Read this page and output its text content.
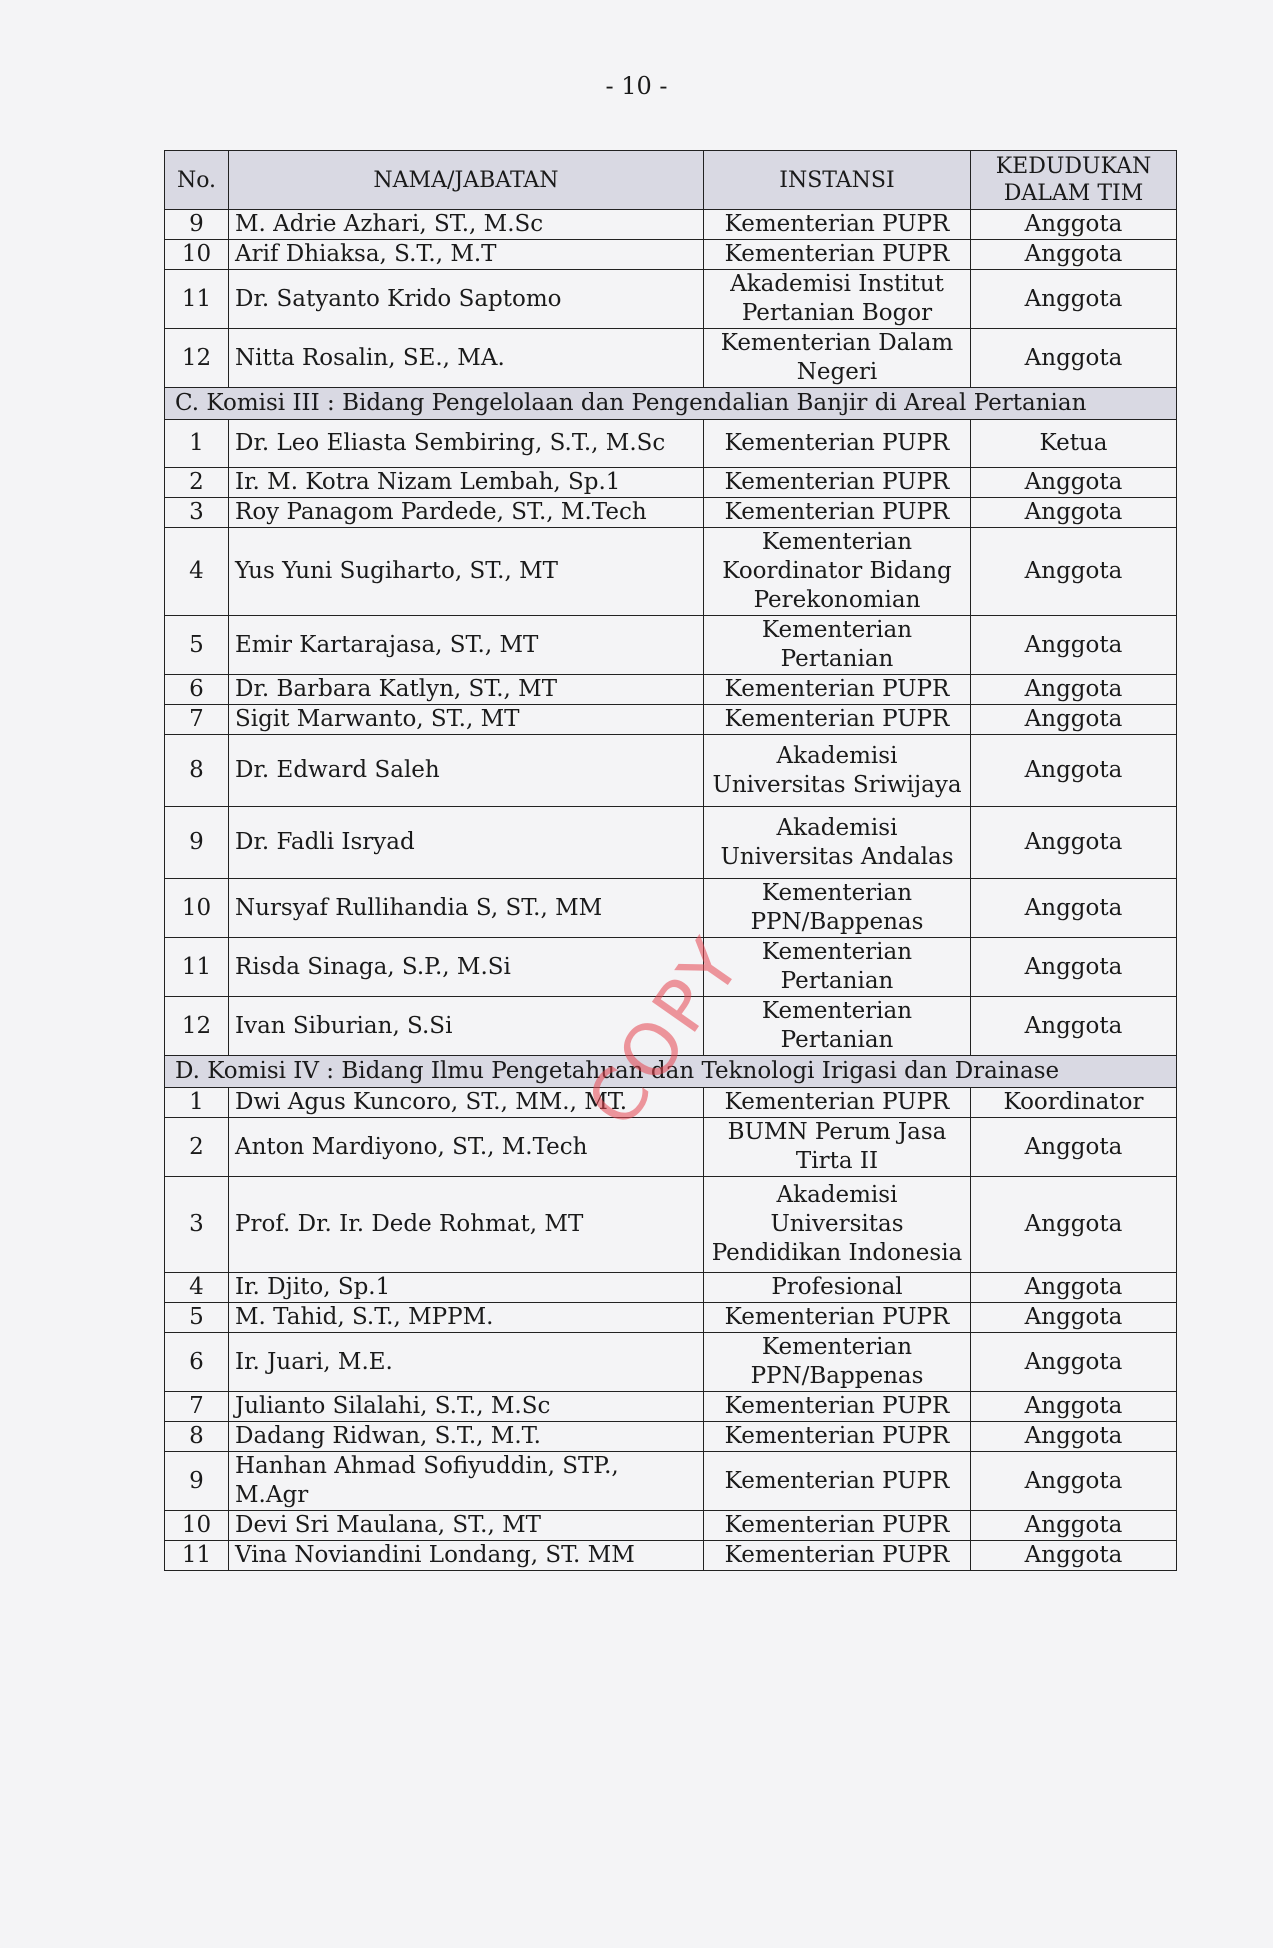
- 10 -
No.	NAMA/JABATAN	INSTANSI	KEDUDUKAN DALAM TIM
9	M. Adrie Azhari, ST., M.Sc	Kementerian PUPR	Anggota
10	Arif Dhiaksa, S.T., M.T	Kementerian PUPR	Anggota
11	Dr. Satyanto Krido Saptomo	Akademisi Institut Pertanian Bogor	Anggota
12	Nitta Rosalin, SE., MA.	Kementerian Dalam Negeri	Anggota
C. Komisi III : Bidang Pengelolaan dan Pengendalian Banjir di Areal Pertanian			
1	Dr. Leo Eliasta Sembiring, S.T., M.Sc	Kementerian PUPR	Ketua
2	Ir. M. Kotra Nizam Lembah, Sp.1	Kementerian PUPR	Anggota
3	Roy Panagom Pardede, ST., M.Tech	Kementerian PUPR	Anggota
4	Yus Yuni Sugiharto, ST., MT	Kementerian Koordinator Bidang Perekonomian	Anggota
5	Emir Kartarajasa, ST., MT	Kementerian Pertanian	Anggota
6	Dr. Barbara Katlyn, ST., MT	Kementerian PUPR	Anggota
7	Sigit Marwanto, ST., MT	Kementerian PUPR	Anggota
8	Dr. Edward Saleh	Akademisi Universitas Sriwijaya	Anggota
9	Dr. Fadli Isryad	Akademisi Universitas Andalas	Anggota
10	Nursyaf Rullihandia S, ST., MM	Kementerian PPN/Bappenas	Anggota
11	Risda Sinaga, S.P., M.Si	Kementerian Pertanian	Anggota
12	Ivan Siburian, S.Si	Kementerian Pertanian	Anggota
D. Komisi IV : Bidang Ilmu Pengetahuan dan Teknologi Irigasi dan Drainase			
1	Dwi Agus Kuncoro, ST., MM., MT.	Kementerian PUPR	Koordinator
2	Anton Mardiyono, ST., M.Tech	BUMN Perum Jasa Tirta II	Anggota
3	Prof. Dr. Ir. Dede Rohmat, MT	Akademisi Universitas Pendidikan Indonesia	Anggota
4	Ir. Djito, Sp.1	Profesional	Anggota
5	M. Tahid, S.T., MPPM.	Kementerian PUPR	Anggota
6	Ir. Juari, M.E.	Kementerian PPN/Bappenas	Anggota
7	Julianto Silalahi, S.T., M.Sc	Kementerian PUPR	Anggota
8	Dadang Ridwan, S.T., M.T.	Kementerian PUPR	Anggota
9	Hanhan Ahmad Sofiyuddin, STP., M.Agr	Kementerian PUPR	Anggota
10	Devi Sri Maulana, ST., MT	Kementerian PUPR	Anggota
11	Vina Noviandini Londang, ST. MM	Kementerian PUPR	Anggota
COPY
